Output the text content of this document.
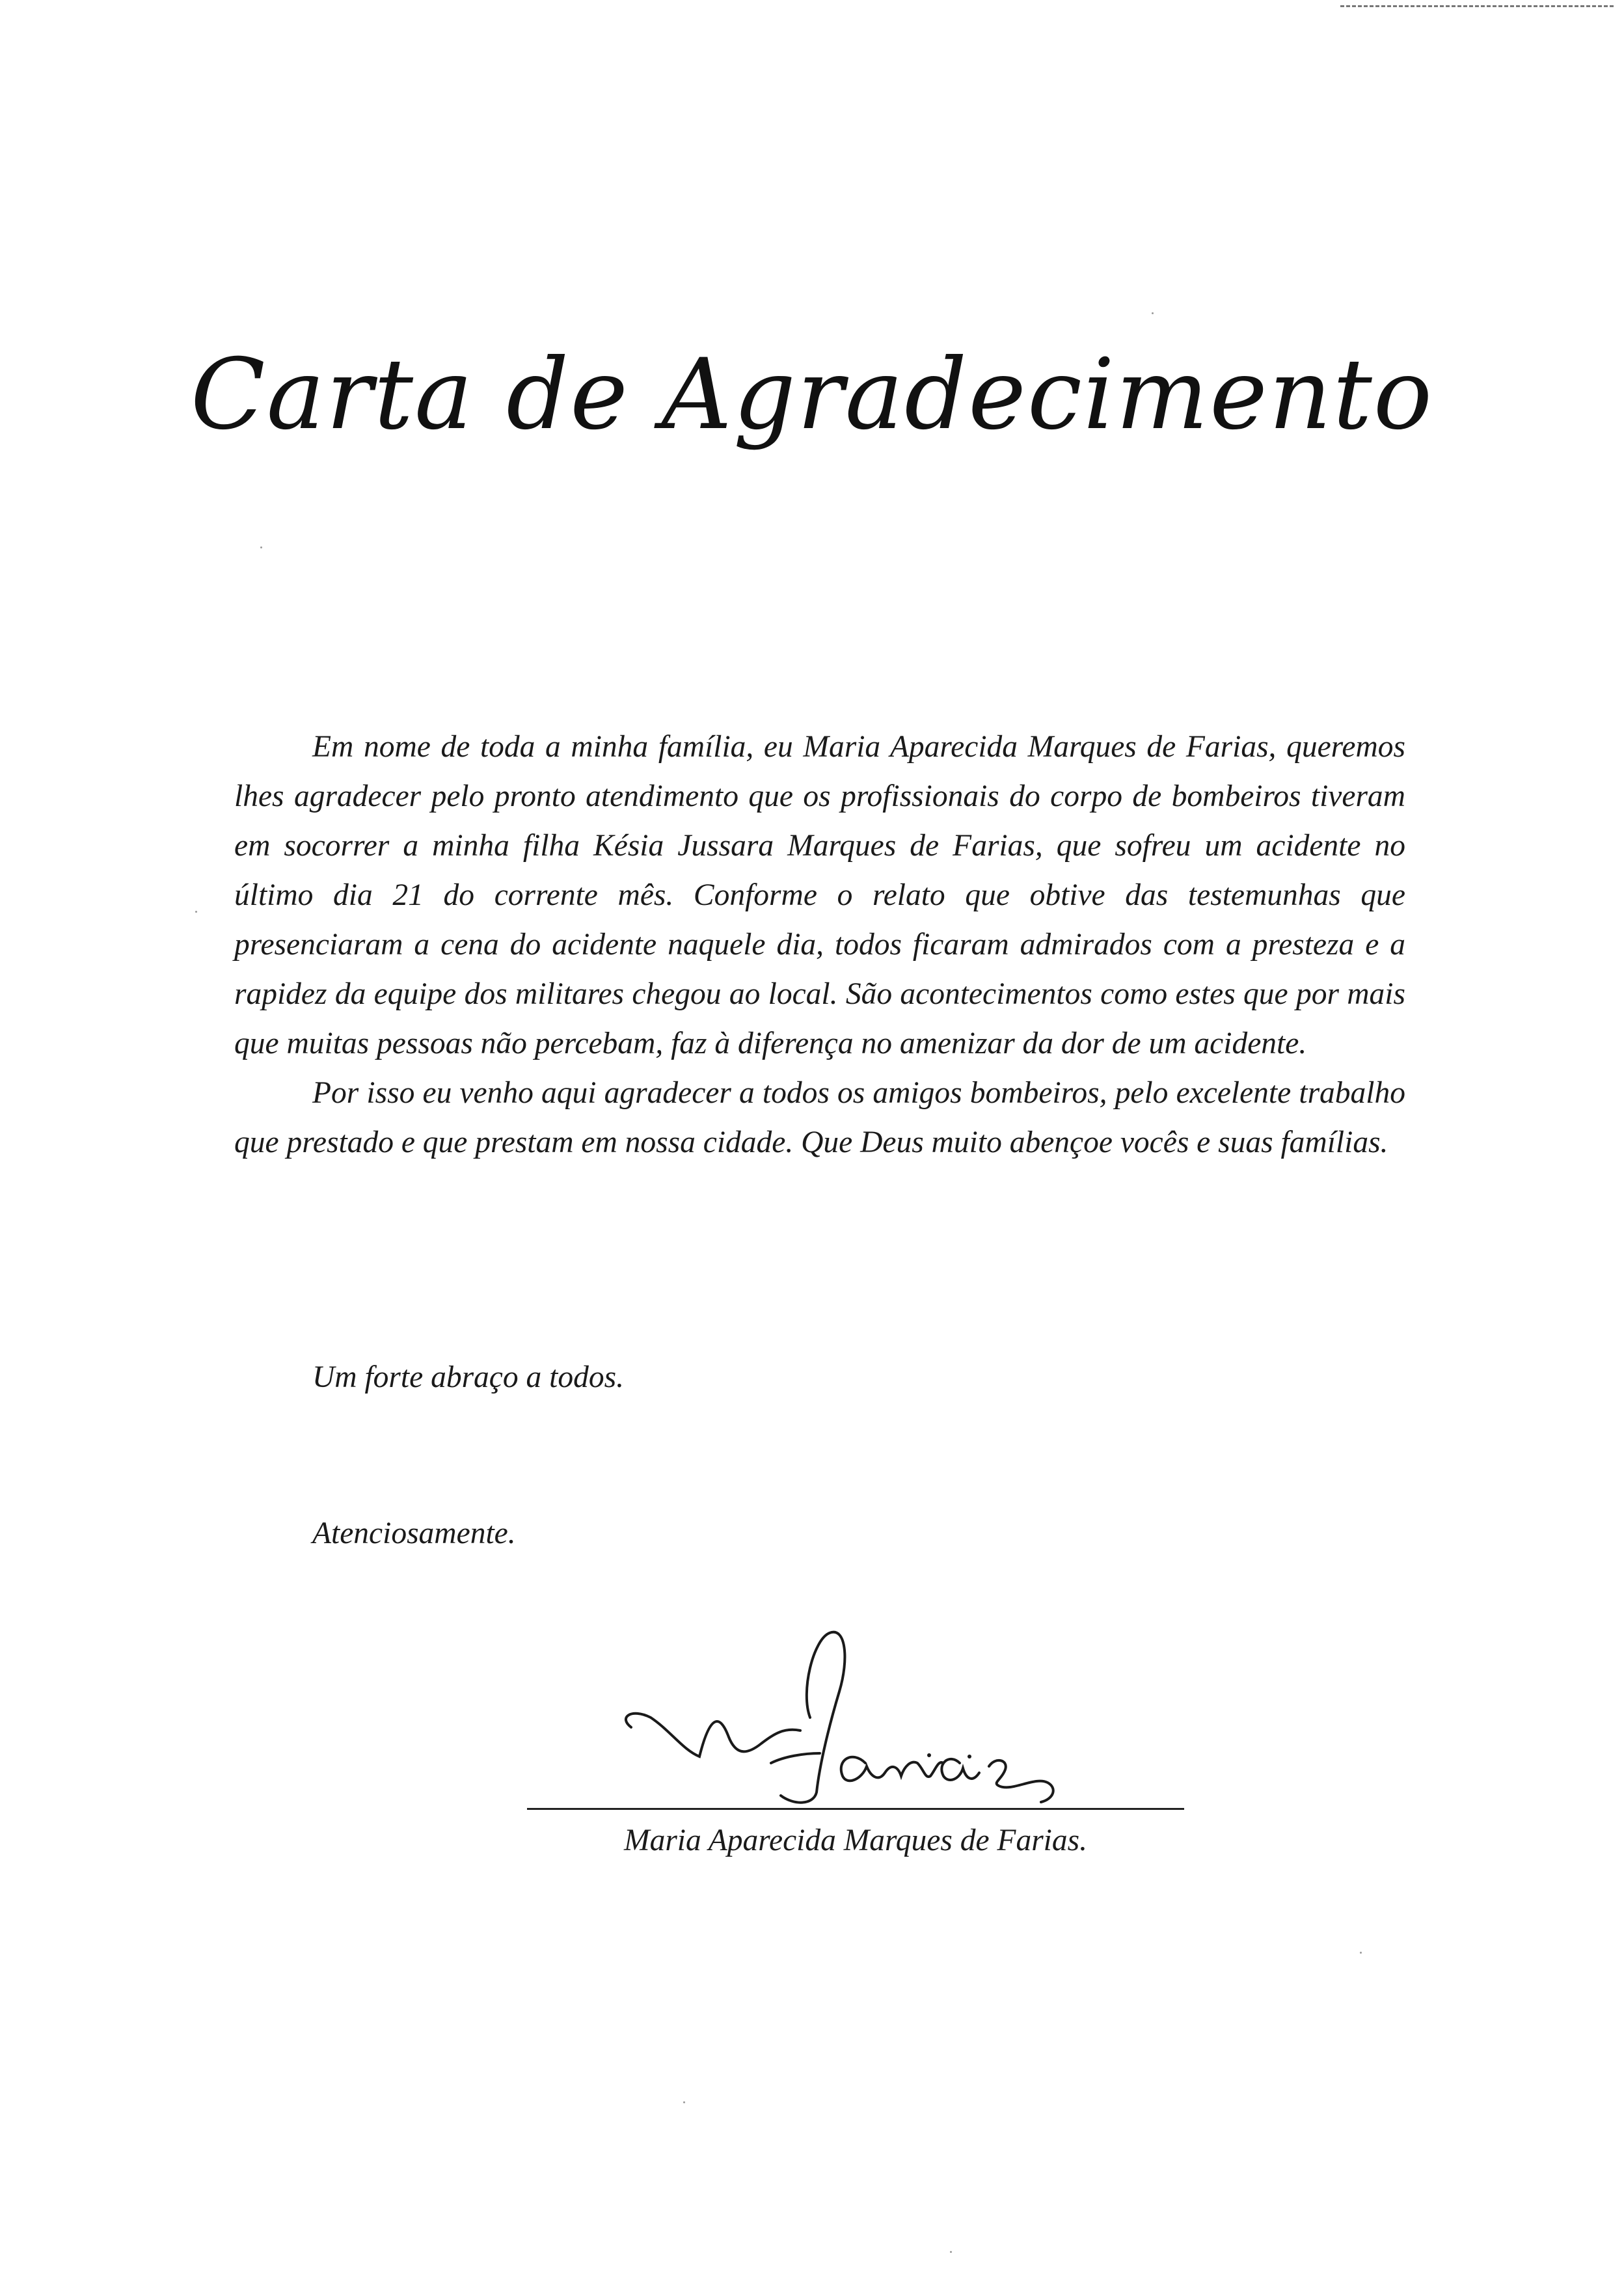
Carta de Agradecimento

Em nome de toda a minha família, eu Maria Aparecida Marques de Farias, queremos lhes agradecer pelo pronto atendimento que os profissionais do corpo de bombeiros tiveram em socorrer a minha filha Késia Jussara Marques de Farias, que sofreu um acidente no último dia 21 do corrente mês. Conforme o relato que obtive das testemunhas que presenciaram a cena do acidente naquele dia, todos ficaram admirados com a presteza e a rapidez da equipe dos militares chegou ao local. São acontecimentos como estes que por mais que muitas pessoas não percebam, faz à diferença no amenizar da dor de um acidente.

Por isso eu venho aqui agradecer a todos os amigos bombeiros, pelo excelente trabalho que prestado e que prestam em nossa cidade. Que Deus muito abençoe vocês e suas famílias.

Um forte abraço a todos.
Atenciosamente.
Maria Aparecida Marques de Farias.
